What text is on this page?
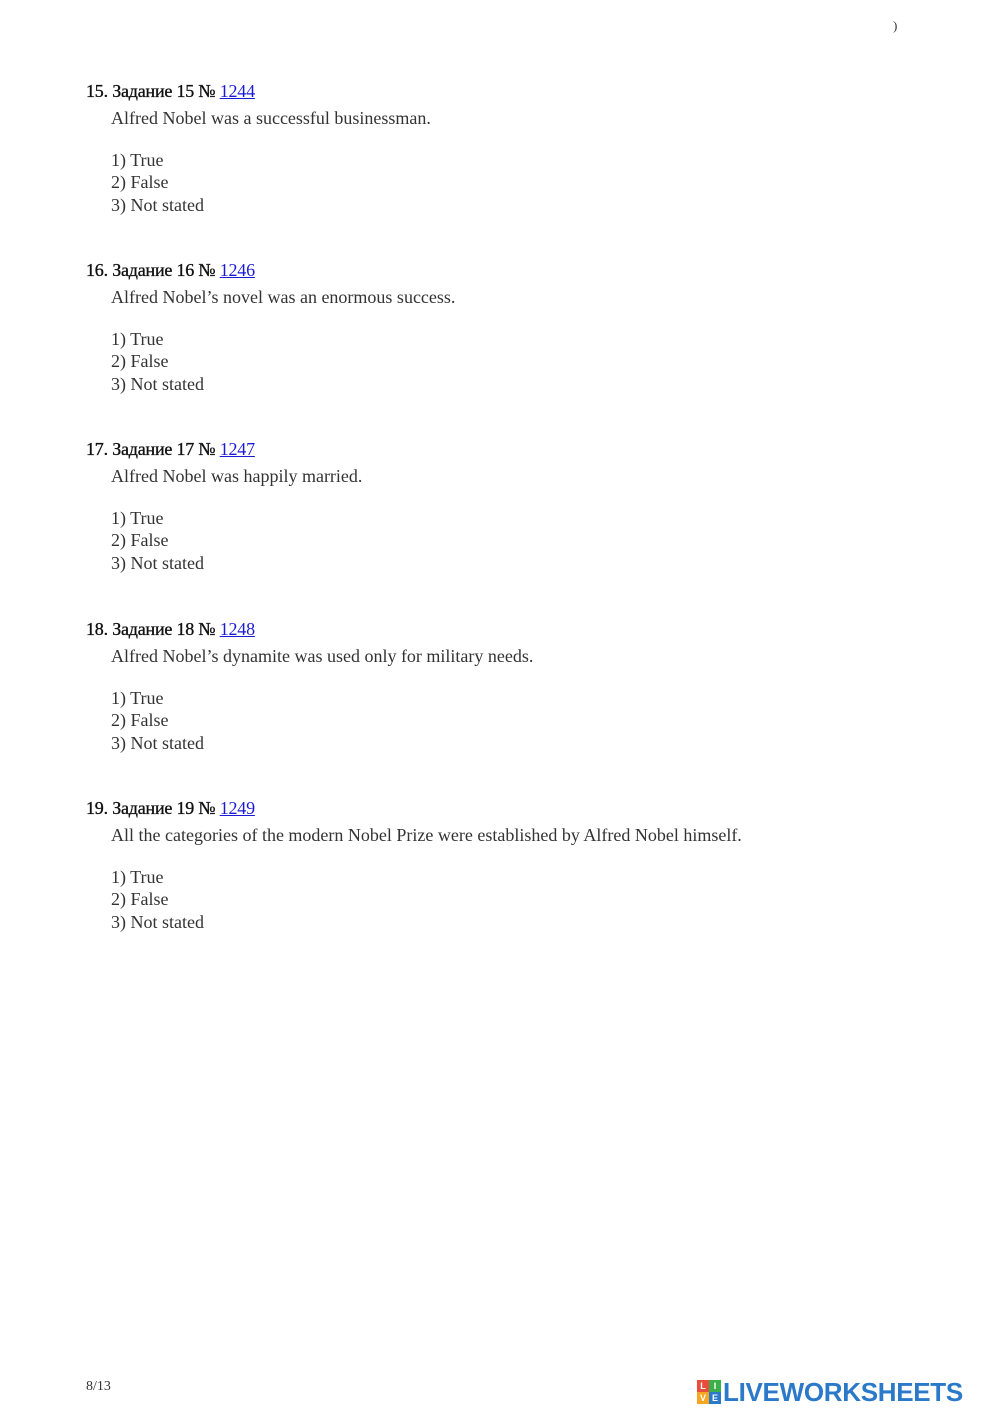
)
15. Задание 15 № 1244
Alfred Nobel was a successful businessman.
1) True
2) False
3) Not stated
16. Задание 16 № 1246
Alfred Nobel’s novel was an enormous success.
1) True
2) False
3) Not stated
17. Задание 17 № 1247
Alfred Nobel was happily married.
1) True
2) False
3) Not stated
18. Задание 18 № 1248
Alfred Nobel’s dynamite was used only for military needs.
1) True
2) False
3) Not stated
19. Задание 19 № 1249
All the categories of the modern Nobel Prize were established by Alfred Nobel himself.
1) True
2) False
3) Not stated
8/13	L I
V E LIVEWORKSHEETS
